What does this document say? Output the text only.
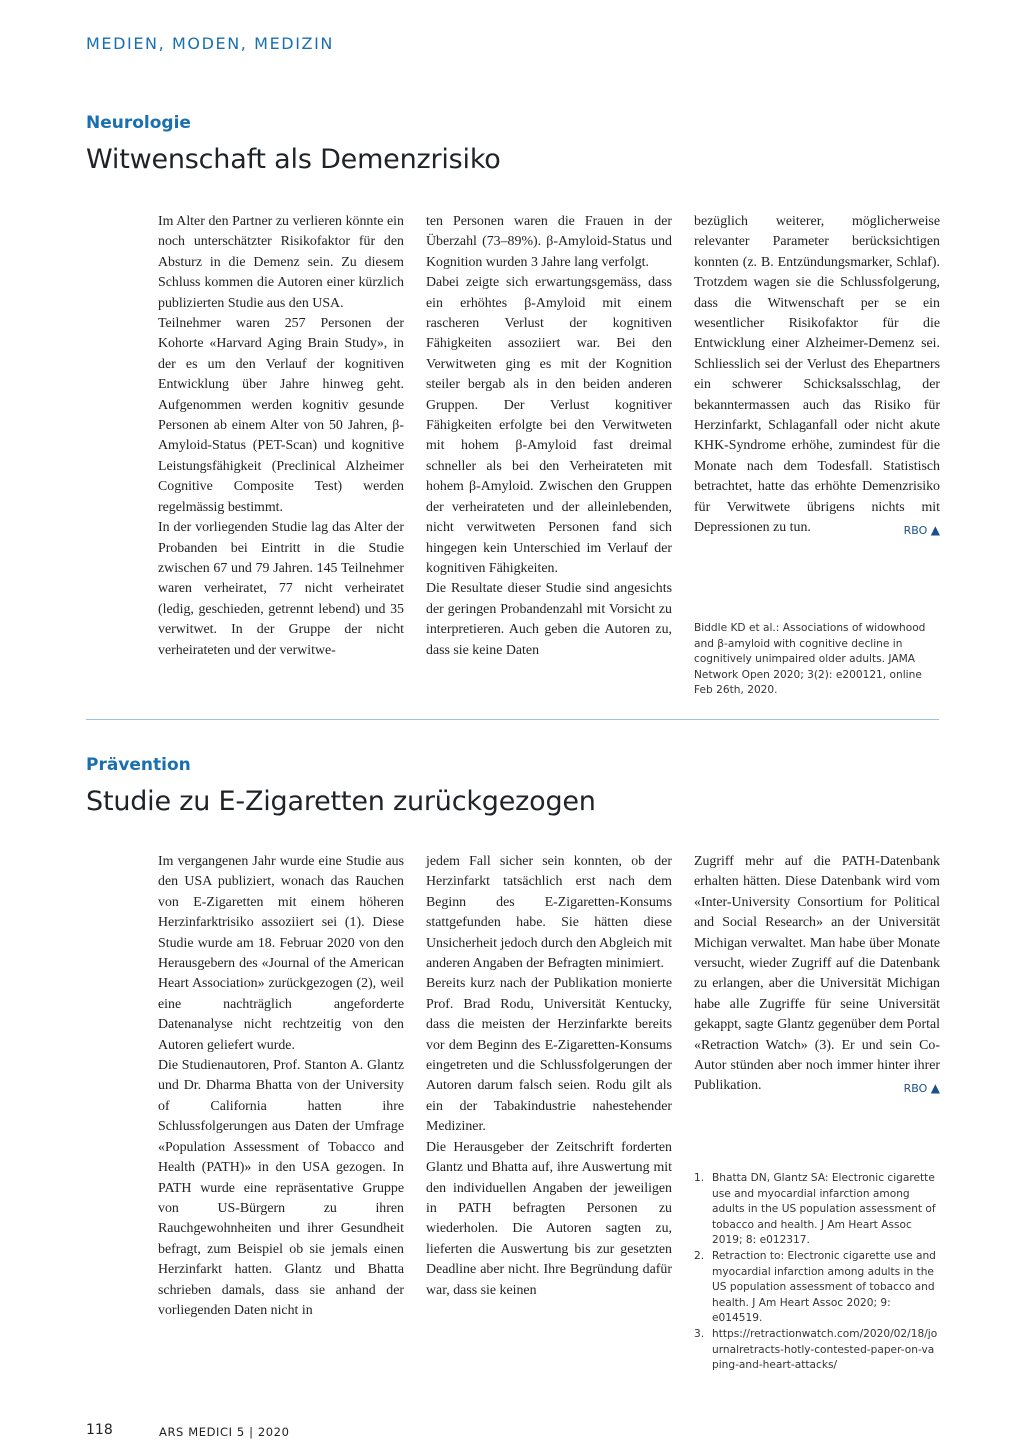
MEDIEN, MODEN, MEDIZIN
Neurologie
Witwenschaft als Demenzrisiko

Im Alter den Partner zu verlieren könnte ein noch unterschätzter Risikofaktor für den Absturz in die Demenz sein. Zu diesem Schluss kommen die Autoren einer kürzlich publizierten Studie aus den USA.

Teilnehmer waren 257 Personen der Kohorte «Harvard Aging Brain Study», in der es um den Verlauf der kognitiven Entwicklung über Jahre hinweg geht. Aufgenommen werden kognitiv gesunde Personen ab einem Alter von 50 Jahren, β-Amyloid-Status (PET-Scan) und kognitive Leistungsfähigkeit (Preclinical Alzheimer Cognitive Composite Test) werden regelmässig bestimmt.

In der vorliegenden Studie lag das Alter der Probanden bei Eintritt in die Studie zwischen 67 und 79 Jahren. 145 Teilnehmer waren verheiratet, 77 nicht verheiratet (ledig, geschieden, getrennt lebend) und 35 verwitwet. In der Gruppe der nicht verheirateten und der verwitwe-

ten Personen waren die Frauen in der Überzahl (73–89%). β-Amyloid-Status und Kognition wurden 3 Jahre lang verfolgt.

Dabei zeigte sich erwartungsgemäss, dass ein erhöhtes β-Amyloid mit einem rascheren Verlust der kognitiven Fähigkeiten assoziiert war. Bei den Verwitweten ging es mit der Kognition steiler bergab als in den beiden anderen Gruppen. Der Verlust kognitiver Fähigkeiten erfolgte bei den Verwitweten mit hohem β-Amyloid fast dreimal schneller als bei den Verheirateten mit hohem β-Amyloid. Zwischen den Gruppen der verheirateten und der alleinlebenden, nicht verwitweten Personen fand sich hingegen kein Unterschied im Verlauf der kognitiven Fähigkeiten.

Die Resultate dieser Studie sind angesichts der geringen Probandenzahl mit Vorsicht zu interpretieren. Auch geben die Autoren zu, dass sie keine Daten

bezüglich weiterer, möglicherweise relevanter Parameter berücksichtigen konnten (z. B. Entzündungsmarker, Schlaf). Trotzdem wagen sie die Schlussfolgerung, dass die Witwenschaft per se ein wesentlicher Risikofaktor für die Entwicklung einer Alzheimer-Demenz sei. Schliesslich sei der Verlust des Ehepartners ein schwerer Schicksalsschlag, der bekanntermassen auch das Risiko für Herzinfarkt, Schlaganfall oder nicht akute KHK-Syndrome erhöhe, zumindest für die Monate nach dem Todesfall. Statistisch betrachtet, hatte das erhöhte Demenzrisiko für Verwitwete übrigens nichts mit Depressionen zu tun.	RBO ▲

Biddle KD et al.: Associations of widowhood and β-amyloid with cognitive decline in cognitively unimpaired older adults. JAMA Network Open 2020; 3(2): e200121, online Feb 26th, 2020.

Prävention
Studie zu E-Zigaretten zurückgezogen

Im vergangenen Jahr wurde eine Studie aus den USA publiziert, wonach das Rauchen von E-Zigaretten mit einem höheren Herzinfarktrisiko assoziiert sei (1). Diese Studie wurde am 18. Februar 2020 von den Herausgebern des «Journal of the American Heart Association» zurückgezogen (2), weil eine nachträglich angeforderte Datenanalyse nicht rechtzeitig von den Autoren geliefert wurde.

Die Studienautoren, Prof. Stanton A. Glantz und Dr. Dharma Bhatta von der University of California hatten ihre Schlussfolgerungen aus Daten der Umfrage «Population Assessment of Tobacco and Health (PATH)» in den USA gezogen. In PATH wurde eine repräsentative Gruppe von US-Bürgern zu ihren Rauchgewohnheiten und ihrer Gesundheit befragt, zum Beispiel ob sie jemals einen Herzinfarkt hatten. Glantz und Bhatta schrieben damals, dass sie anhand der vorliegenden Daten nicht in

jedem Fall sicher sein konnten, ob der Herzinfarkt tatsächlich erst nach dem Beginn des E-Zigaretten-Konsums stattgefunden habe. Sie hätten diese Unsicherheit jedoch durch den Abgleich mit anderen Angaben der Befragten minimiert.

Bereits kurz nach der Publikation monierte Prof. Brad Rodu, Universität Kentucky, dass die meisten der Herzinfarkte bereits vor dem Beginn des E-Zigaretten-Konsums eingetreten und die Schlussfolgerungen der Autoren darum falsch seien. Rodu gilt als ein der Tabakindustrie nahestehender Mediziner.

Die Herausgeber der Zeitschrift forderten Glantz und Bhatta auf, ihre Auswertung mit den individuellen Angaben der jeweiligen in PATH befragten Personen zu wiederholen. Die Autoren sagten zu, lieferten die Auswertung bis zur gesetzten Deadline aber nicht. Ihre Begründung dafür war, dass sie keinen

Zugriff mehr auf die PATH-Datenbank erhalten hätten. Diese Datenbank wird vom «Inter-University Consortium for Political and Social Research» an der Universität Michigan verwaltet. Man habe über Monate versucht, wieder Zugriff auf die Datenbank zu erlangen, aber die Universität Michigan habe alle Zugriffe für seine Universität gekappt, sagte Glantz gegenüber dem Portal «Retraction Watch» (3). Er und sein Co-Autor stünden aber noch immer hinter ihrer Publikation.	RBO ▲

1. Bhatta DN, Glantz SA: Electronic cigarette use and myocardial infarction among adults in the US population assessment of tobacco and health. J Am Heart Assoc 2019; 8: e012317.
2. Retraction to: Electronic cigarette use and myocardial infarction among adults in the US population assessment of tobacco and health. J Am Heart Assoc 2020; 9: e014519.
3. https://retractionwatch.com/2020/02/18/journalretracts-hotly-contested-paper-on-vaping-and-heart-attacks/
118	ARS MEDICI 5 | 2020
